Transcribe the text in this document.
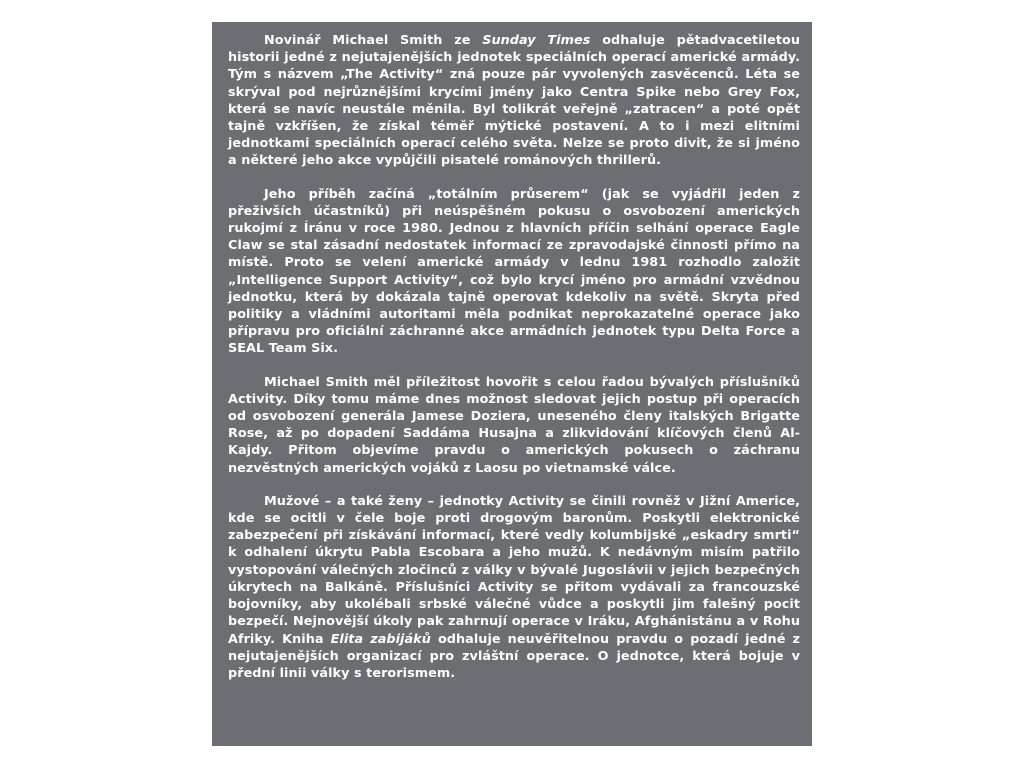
Novinář Michael Smith ze Sunday Times odhaluje pětadvacetiletou historii jedné z nejutajenějších jednotek speciálních operací americké armády. Tým s názvem „The Activity“ zná pouze pár vyvolených zasvěcenců. Léta se skrýval pod nejrůznějšími krycími jmény jako Centra Spike nebo Grey Fox, která se navíc neustále měnila. Byl tolikrát veřejně „zatracen“ a poté opět tajně vzkříšen, že získal téměř mýtické postavení. A to i mezi elitními jednotkami speciálních operací celého světa. Nelze se proto divit, že si jméno a některé jeho akce vypůjčili pisatelé románových thrillerů.

Jeho příběh začíná „totálním průserem“ (jak se vyjádřil jeden z přeživších účastníků) při neúspěšném pokusu o osvobození amerických rukojmí z Íránu v roce 1980. Jednou z hlavních příčin selhání operace Eagle Claw se stal zásadní nedostatek informací ze zpravodajské činnosti přímo na místě. Proto se velení americké armády v lednu 1981 rozhodlo založit „Intelligence Support Activity“, což bylo krycí jméno pro armádní vzvědnou jednotku, která by dokázala tajně operovat kdekoliv na světě. Skryta před politiky a vládními autoritami měla podnikat neprokazatelné operace jako přípravu pro oficiální záchranné akce armádních jednotek typu Delta Force a SEAL Team Six.

Michael Smith měl příležitost hovořit s celou řadou bývalých příslušníků Activity. Díky tomu máme dnes možnost sledovat jejich postup při operacích od osvobození generála Jamese Doziera, uneseného členy italských Brigatte Rose, až po dopadení Saddáma Husajna a zlikvidování klíčových členů Al-Kajdy. Přitom objevíme pravdu o amerických pokusech o záchranu nezvěstných amerických vojáků z Laosu po vietnamské válce.

Mužové – a také ženy – jednotky Activity se činili rovněž v Jižní Americe, kde se ocitli v čele boje proti drogovým baronům. Poskytli elektronické zabezpečení při získávání informací, které vedly kolumbijské „eskadry smrti“ k odhalení úkrytu Pabla Escobara a jeho mužů. K nedávným misím patřilo vystopování válečných zločinců z války v bývalé Jugoslávii v jejich bezpečných úkrytech na Balkáně. Příslušníci Activity se přitom vydávali za francouzské bojovníky, aby ukolébali srbské válečné vůdce a poskytli jim falešný pocit bezpečí. Nejnovější úkoly pak zahrnují operace v Iráku, Afghánistánu a v Rohu Afriky. Kniha Elita zabijáků odhaluje neuvěřitelnou pravdu o pozadí jedné z nejutajenějších organizací pro zvláštní operace. O jednotce, která bojuje v přední linii války s terorismem.
